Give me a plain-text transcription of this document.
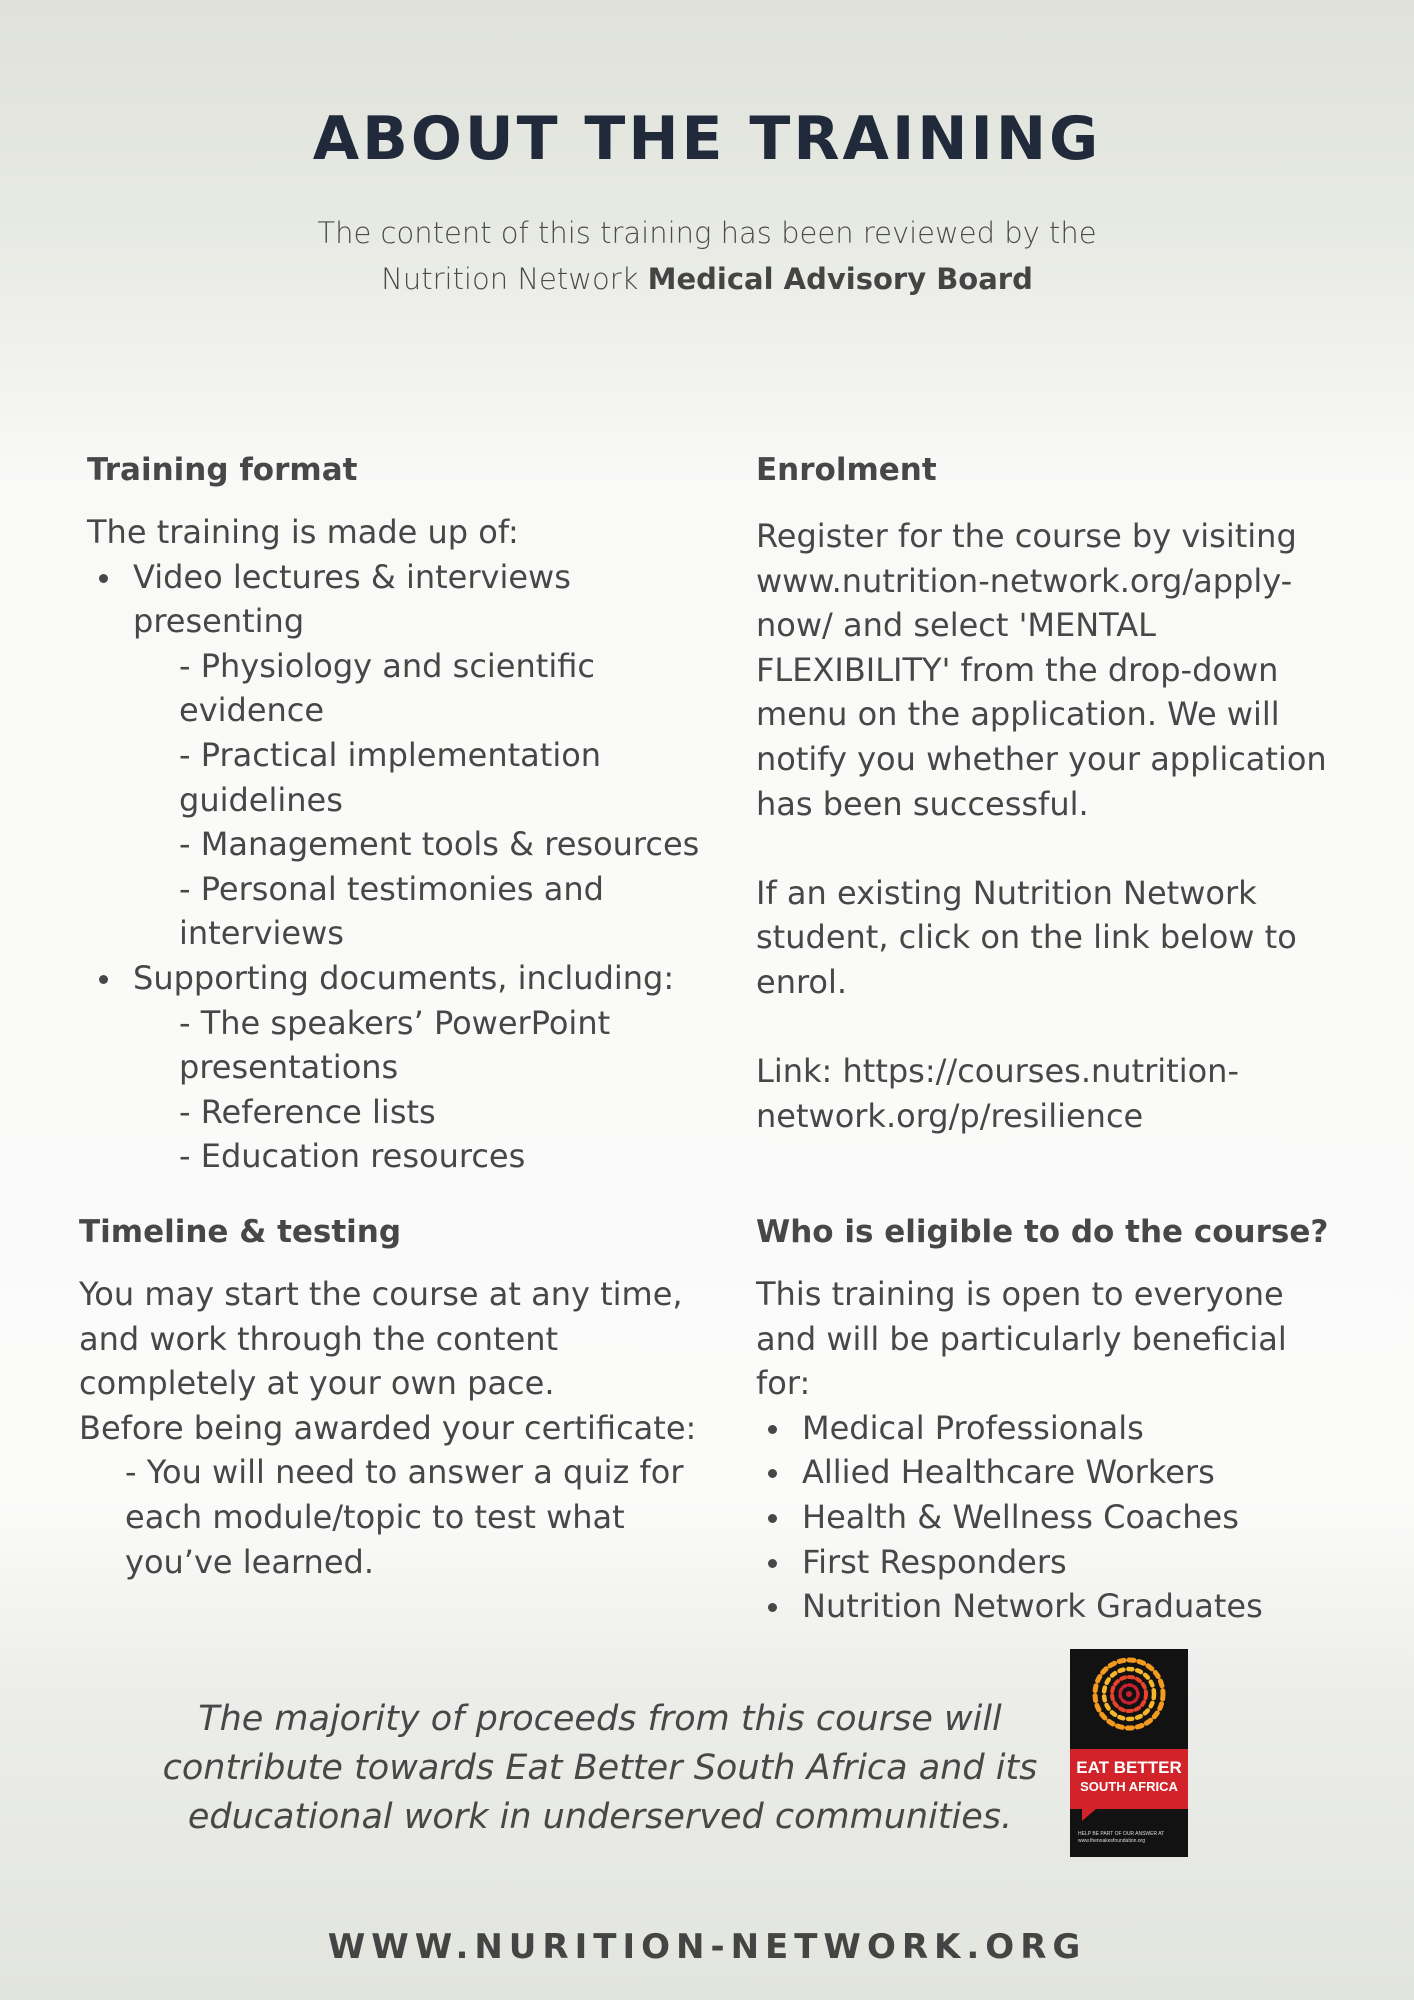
ABOUT THE TRAINING
The content of this training has been reviewed by the
Nutrition Network Medical Advisory Board
Training format
The training is made up of:
Video lectures & interviews presenting
- Physiology and scientific evidence
- Practical implementation guidelines
- Management tools & resources
- Personal testimonies and interviews
Supporting documents, including:
- The speakers’ PowerPoint presentations
- Reference lists
- Education resources
Enrolment
Register for the course by visiting www.nutrition-network.org/apply-now/ and select 'MENTAL FLEXIBILITY' from the drop-down menu on the application. We will notify you whether your application has been successful.
If an existing Nutrition Network student, click on the link below to enrol.
Link: https://courses.nutrition-
network.org/p/resilience
Timeline & testing
You may start the course at any time, and work through the content completely at your own pace.
Before being awarded your certificate:
- You will need to answer a quiz for each module/topic to test what you’ve learned.
Who is eligible to do the course?
This training is open to everyone and will be particularly beneficial for:
Medical Professionals
Allied Healthcare Workers
Health & Wellness Coaches
First Responders
Nutrition Network Graduates
The majority of proceeds from this course will contribute towards Eat Better South Africa and its educational work in underserved communities.
EAT BETTER
SOUTH AFRICA
HELP BE PART OF OUR ANSWER AT www.thenoakesfoundation.org
WWW.NURITION-NETWORK.ORG
